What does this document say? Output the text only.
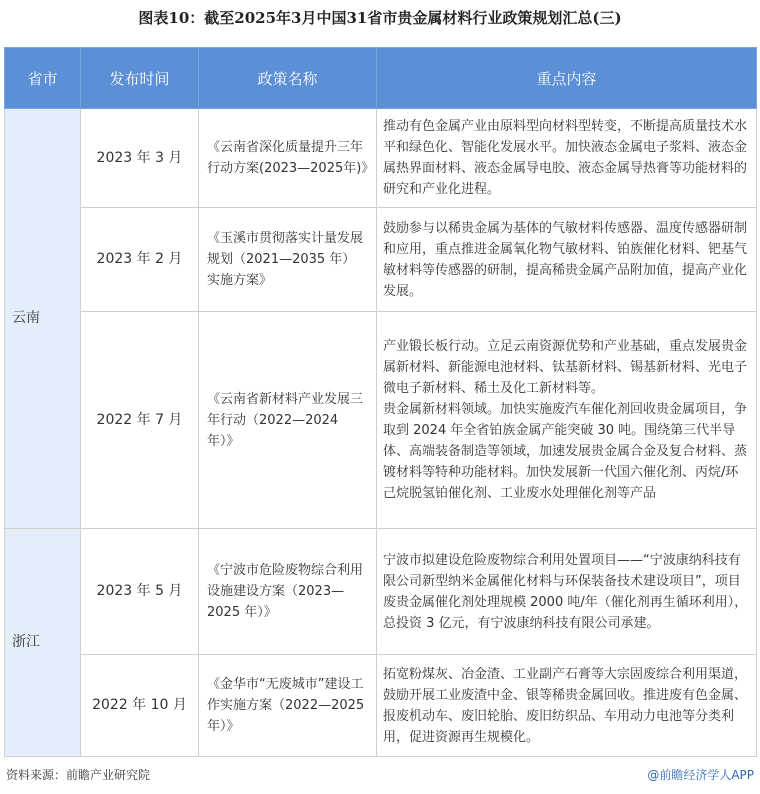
图表10：截至2025年3月中国31省市贵金属材料行业政策规划汇总(三)
省市	发布时间	政策名称	重点内容
云南	2023 年 3 月	《云南省深化质量提升三年行动方案(2023—2025年)》	推动有色金属产业由原料型向材料型转变，不断提高质量技术水平和绿色化、智能化发展水平。加快液态金属电子浆料、液态金属热界面材料、液态金属导电胶、液态金属导热膏等功能材料的研究和产业化进程。

	2023 年 2 月	《玉溪市贯彻落实计量发展规划（2021—2035 年）实施方案》	鼓励参与以稀贵金属为基体的气敏材料传感器、温度传感器研制和应用，重点推进金属氧化物气敏材料、铂族催化材料、钯基气敏材料等传感器的研制，提高稀贵金属产品附加值，提高产业化发展。

	2022 年 7 月	《云南省新材料产业发展三年行动（2022—2024 年）》	产业锻长板行动。立足云南资源优势和产业基础，重点发展贵金属新材料、新能源电池材料、钛基新材料、锡基新材料、光电子微电子新材料、稀土及化工新材料等。
贵金属新材料领域。加快实施废汽车催化剂回收贵金属项目，争取到 2024 年全省铂族金属产能突破 30 吨。围绕第三代半导体、高端装备制造等领域，加速发展贵金属合金及复合材料、蒸镀材料等特种功能材料。加快发展新一代国六催化剂、丙烷/环己烷脱氢铂催化剂、工业废水处理催化剂等产品

浙江	2023 年 5 月	《宁波市危险废物综合利用设施建设方案（2023—2025 年）》	宁波市拟建设危险废物综合利用处置项目——“宁波康纳科技有限公司新型纳米金属催化材料与环保装备技术建设项目”，项目废贵金属催化剂处理规模 2000 吨/年（催化剂再生循环利用），总投资 3 亿元，有宁波康纳科技有限公司承建。

	2022 年 10 月	《金华市“无废城市”建设工作实施方案（2022—2025 年）》	拓宽粉煤灰、冶金渣、工业副产石膏等大宗固废综合利用渠道，鼓励开展工业废渣中金、银等稀贵金属回收。推进废有色金属、报废机动车、废旧轮胎、废旧纺织品、车用动力电池等分类利用，促进资源再生规模化。
资料来源：前瞻产业研究院	@前瞻经济学人APP
